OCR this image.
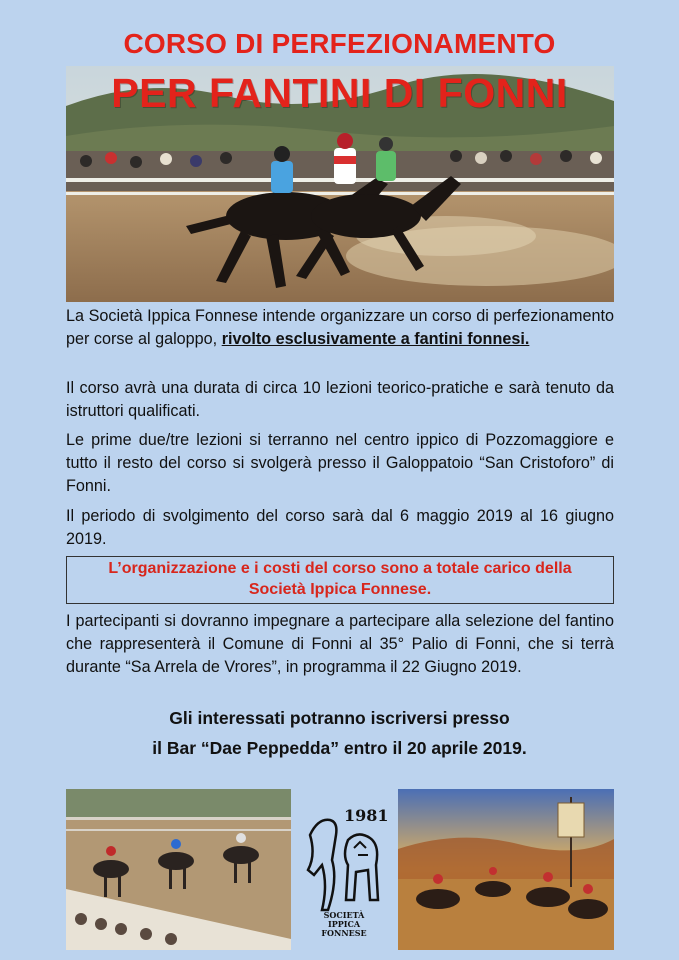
CORSO DI PERFEZIONAMENTO
PER FANTINI DI FONNI
La Società Ippica Fonnese intende organizzare un corso di perfezionamento per corse al galoppo, rivolto esclusivamente a fantini fonnesi.
Il corso avrà una durata di circa 10 lezioni teorico-pratiche e sarà tenuto da istruttori qualificati.
Le prime due/tre lezioni si terranno nel centro ippico di Pozzomaggiore e tutto il resto del corso si svolgerà presso il Galoppatoio “San Cristoforo” di Fonni.
Il periodo di svolgimento del corso sarà dal 6 maggio 2019 al 16 giugno 2019.
L’organizzazione e i costi del corso sono a totale carico della
Società Ippica Fonnese.
I partecipanti si dovranno impegnare a partecipare alla selezione del fantino che rappresenterà il Comune di Fonni al 35° Palio di Fonni, che si terrà durante “Sa Arrela de Vrores”, in programma il 22 Giugno 2019.
Gli interessati potranno iscriversi presso
il Bar “Dae Peppedda” entro il 20 aprile 2019.
SOCIETÀ
IPPICA
FONNESE
1981
